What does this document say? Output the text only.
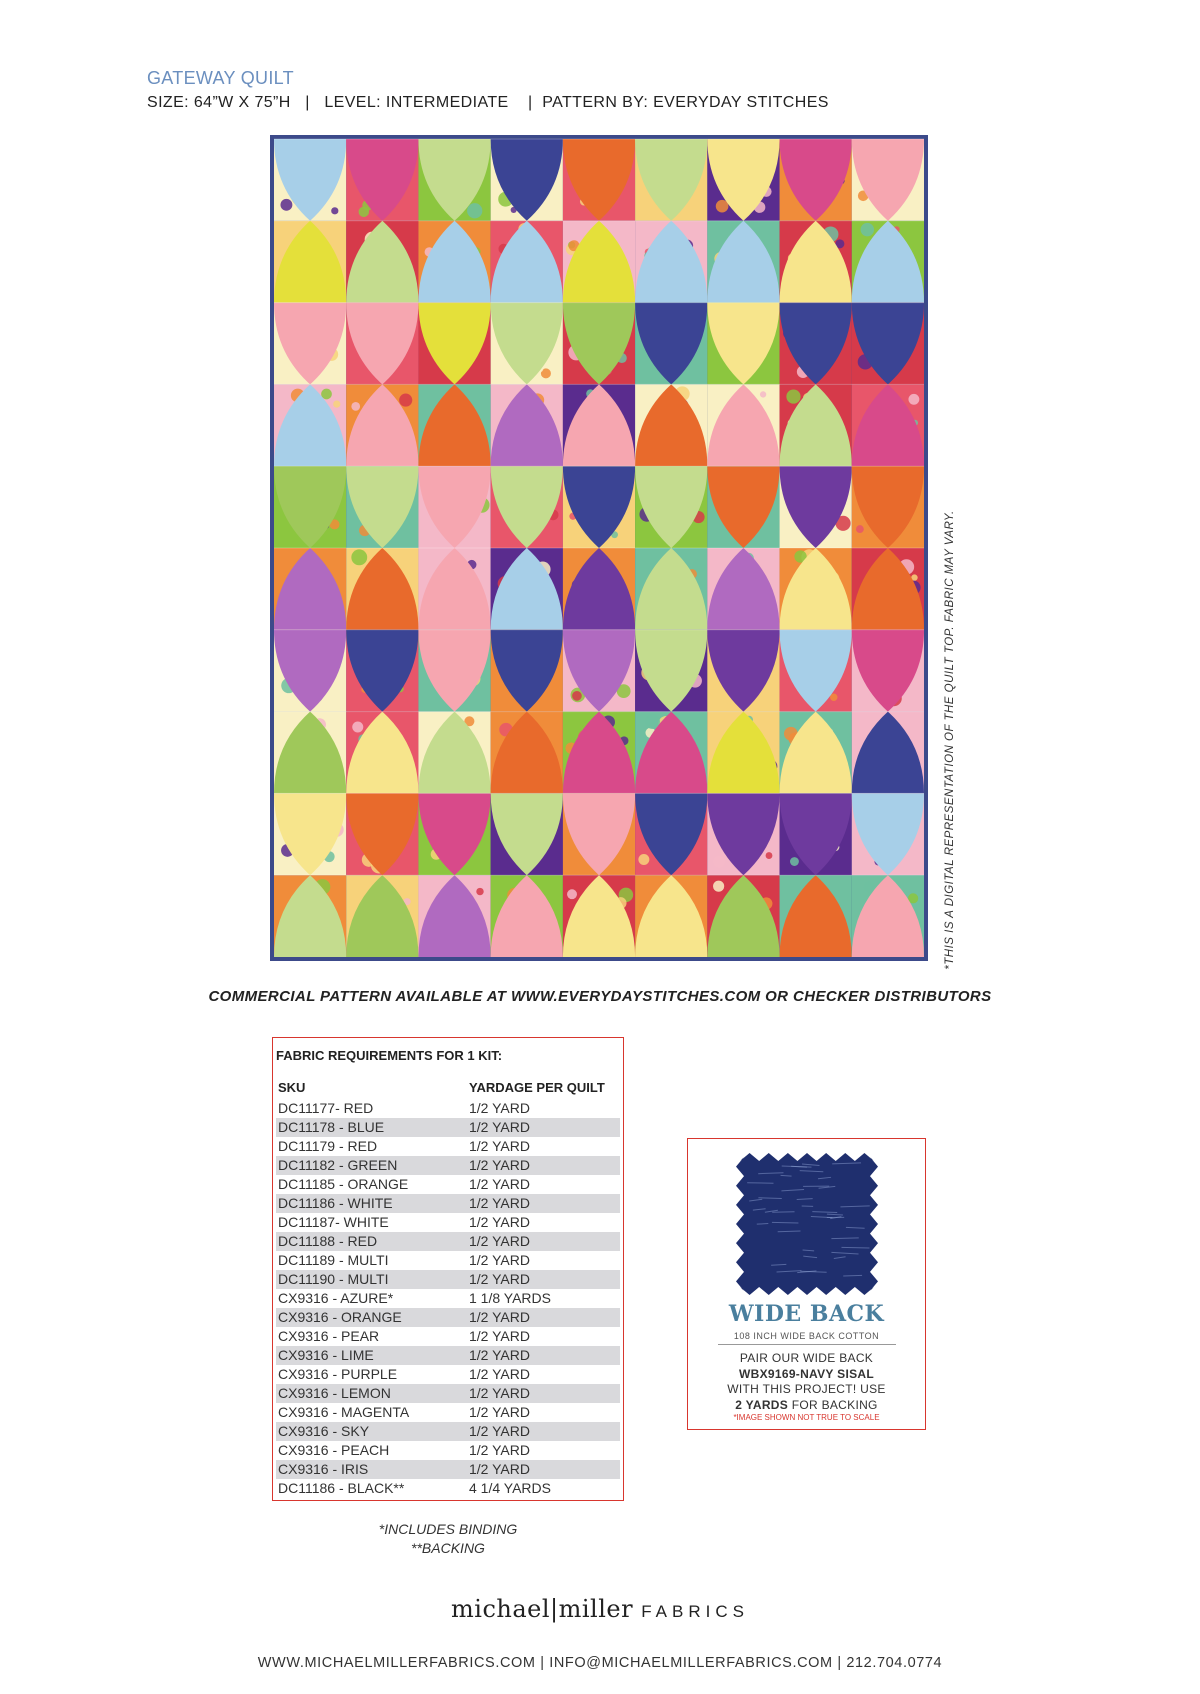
GATEWAY QUILT
SIZE: 64”W X 75”H   |   LEVEL: INTERMEDIATE    |  PATTERN BY: EVERYDAY STITCHES
*THIS IS A DIGITAL REPRESENTATION OF THE QUILT TOP. FABRIC MAY VARY.
COMMERCIAL PATTERN AVAILABLE AT WWW.EVERYDAYSTITCHES.COM OR CHECKER DISTRIBUTORS
FABRIC REQUIREMENTS FOR 1 KIT:
SKU	YARDAGE PER QUILT
DC11177- RED	1/2 YARD
DC11178 - BLUE	1/2 YARD
DC11179 - RED	1/2 YARD
DC11182 - GREEN	1/2 YARD
DC11185 - ORANGE	1/2 YARD
DC11186 - WHITE	1/2 YARD
DC11187- WHITE	1/2 YARD
DC11188 - RED	1/2 YARD
DC11189 - MULTI	1/2 YARD
DC11190 - MULTI	1/2 YARD
CX9316 - AZURE*	1 1/8 YARDS
CX9316 - ORANGE	1/2 YARD
CX9316 - PEAR	1/2 YARD
CX9316 - LIME	1/2 YARD
CX9316 - PURPLE	1/2 YARD
CX9316 - LEMON	1/2 YARD
CX9316 - MAGENTA	1/2 YARD
CX9316 - SKY	1/2 YARD
CX9316 - PEACH	1/2 YARD
CX9316 - IRIS	1/2 YARD
DC11186 - BLACK**	4 1/4 YARDS
*INCLUDES BINDING
**BACKING
WIDE BACK
108 INCH WIDE BACK COTTON
PAIR OUR WIDE BACK
WBX9169-NAVY SISAL
WITH THIS PROJECT! USE
2 YARDS FOR BACKING
*IMAGE SHOWN NOT TRUE TO SCALE
michael|miller FABRICS
WWW.MICHAELMILLERFABRICS.COM | INFO@MICHAELMILLERFABRICS.COM | 212.704.0774
